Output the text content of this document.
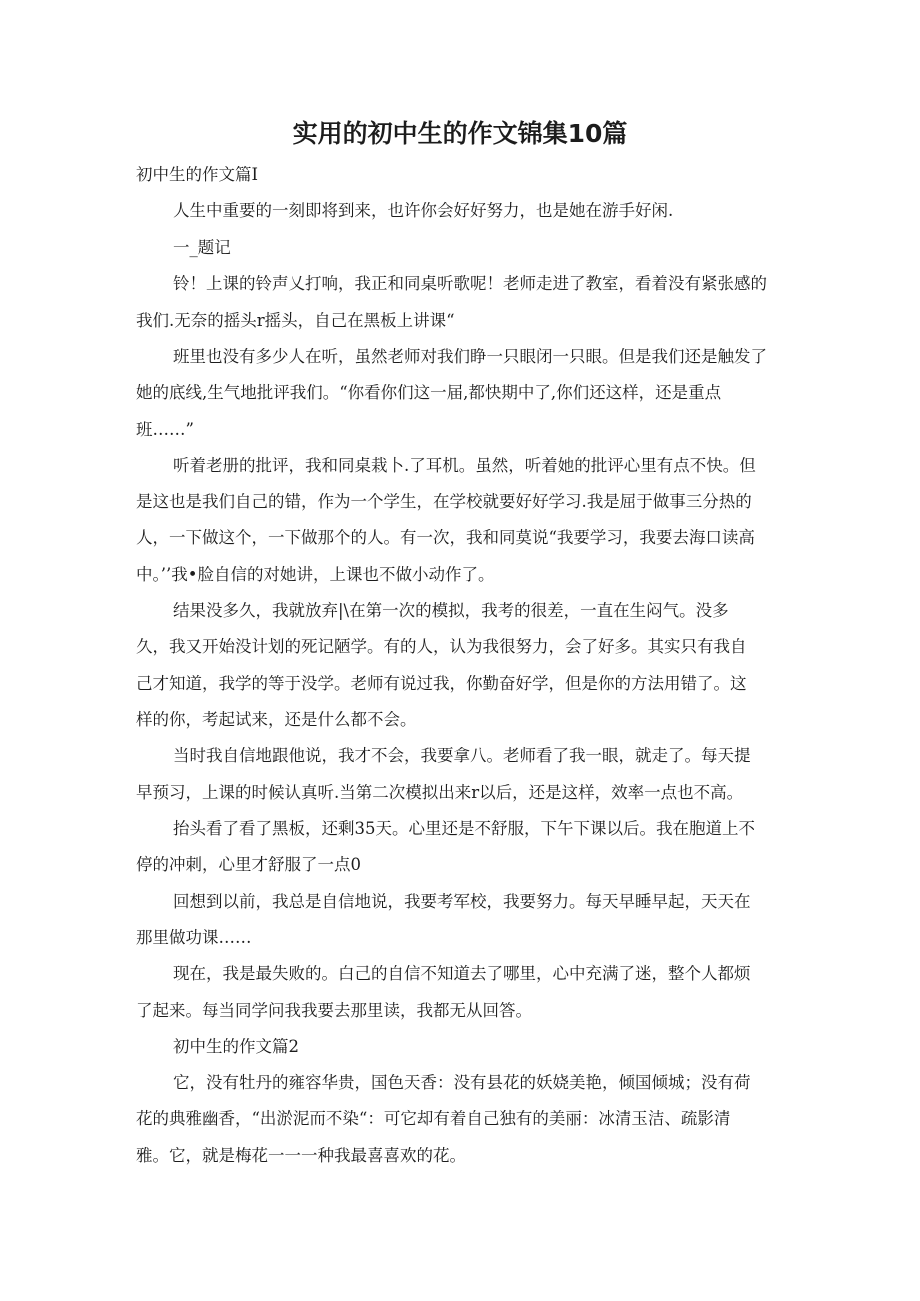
实用的初中生的作文锦集10篇

初中生的作文篇I

人生中重要的一刻即将到来，也许你会好好努力，也是她在游手好闲.

一_题记

铃！上课的铃声乂打响，我正和同桌听歌呢！老师走进了教室，看着没有紧张感的

我们.无奈的摇头r摇头，自己在黑板上讲课“

班里也没有多少人在听，虽然老师对我们睁一只眼闭一只眼。但是我们还是触发了

她的底线,生气地批评我们。“你看你们这一届,都快期中了,你们还这样，还是重点

班……”

听着老册的批评，我和同桌栽卜.了耳机。虽然，听着她的批评心里有点不快。但

是这也是我们自己的错，作为一个学生，在学校就要好好学习.我是屈于做事三分热的

人，一下做这个，一下做那个的人。有一次，我和同莫说“我要学习，我要去海口读高

中。’’我•脸自信的对她讲，上课也不做小动作了。

结果没多久，我就放弃|\在第一次的模拟，我考的很差，一直在生闷气。没多

久，我又开始没计划的死记陋学。有的人，认为我很努力，会了好多。其实只有我自

己才知道，我学的等于没学。老师有说过我，你勤奋好学，但是你的方法用错了。这

样的你，考起试来，还是什么都不会。

当时我自信地跟他说，我才不会，我要拿八。老师看了我一眼，就走了。每天提

早预习，上课的时候认真听.当第二次模拟出来r以后，还是这样，效率一点也不高。

抬头看了看了黑板，还剩35天。心里还是不舒服，下午下课以后。我在胞道上不

停的冲刺，心里才舒服了一点0

回想到以前，我总是自信地说，我要考军校，我要努力。每天早睡早起，天天在

那里做功课……

现在，我是最失败的。白己的自信不知道去了哪里，心中充满了迷，整个人都烦

了起来。每当同学问我我要去那里读，我都无从回答。

初中生的作文篇2

它，没有牡丹的雍容华贵，国色天香：没有县花的妖娆美艳，倾国倾城；没有荷

花的典雅幽香，“出淤泥而不染“：可它却有着自己独有的美丽：冰清玉洁、疏影清

雅。它，就是梅花一一一种我最喜喜欢的花。
